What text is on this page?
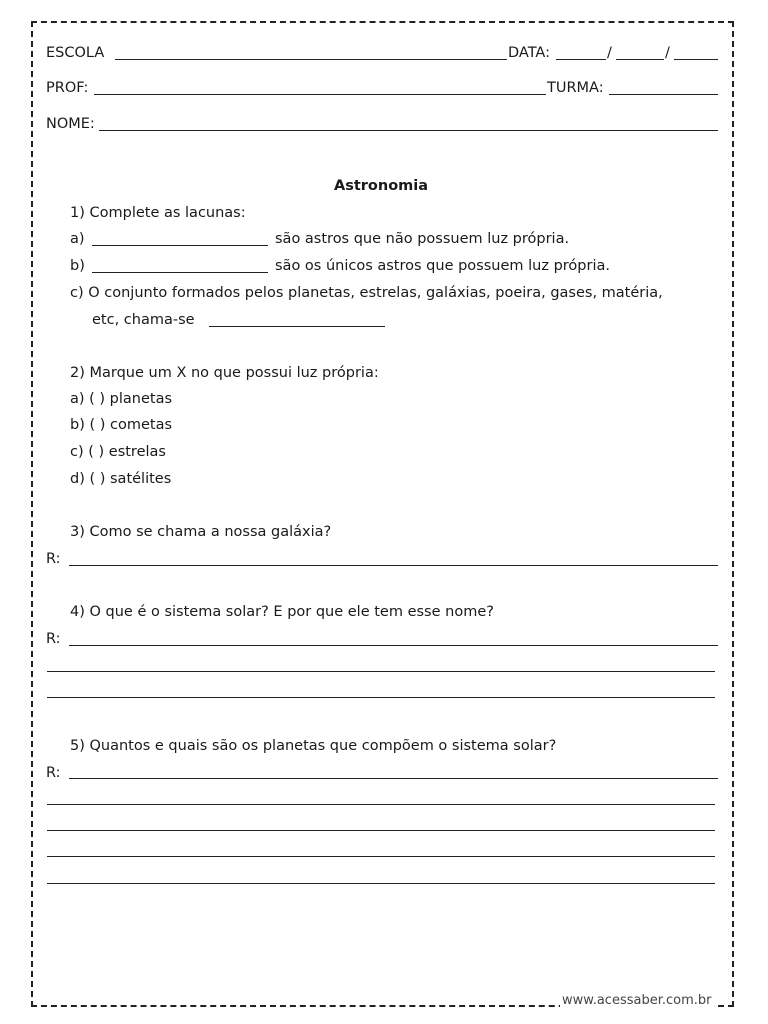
ESCOLA	DATA:	/	/
PROF:	TURMA:
NOME:
Astronomia
1) Complete as lacunas:
a)	são astros que não possuem luz própria.
b)	são os únicos astros que possuem luz própria.
c) O conjunto formados pelos planetas, estrelas, galáxias, poeira, gases, matéria,
etc, chama-se
2) Marque um X no que possui luz própria:
a) ( ) planetas
b) ( ) cometas
c) ( ) estrelas
d) ( ) satélites
3) Como se chama a nossa galáxia?
R:
4) O que é o sistema solar? E por que ele tem esse nome?
R:
5) Quantos e quais são os planetas que compõem o sistema solar?
R:
www.acessaber.com.br
